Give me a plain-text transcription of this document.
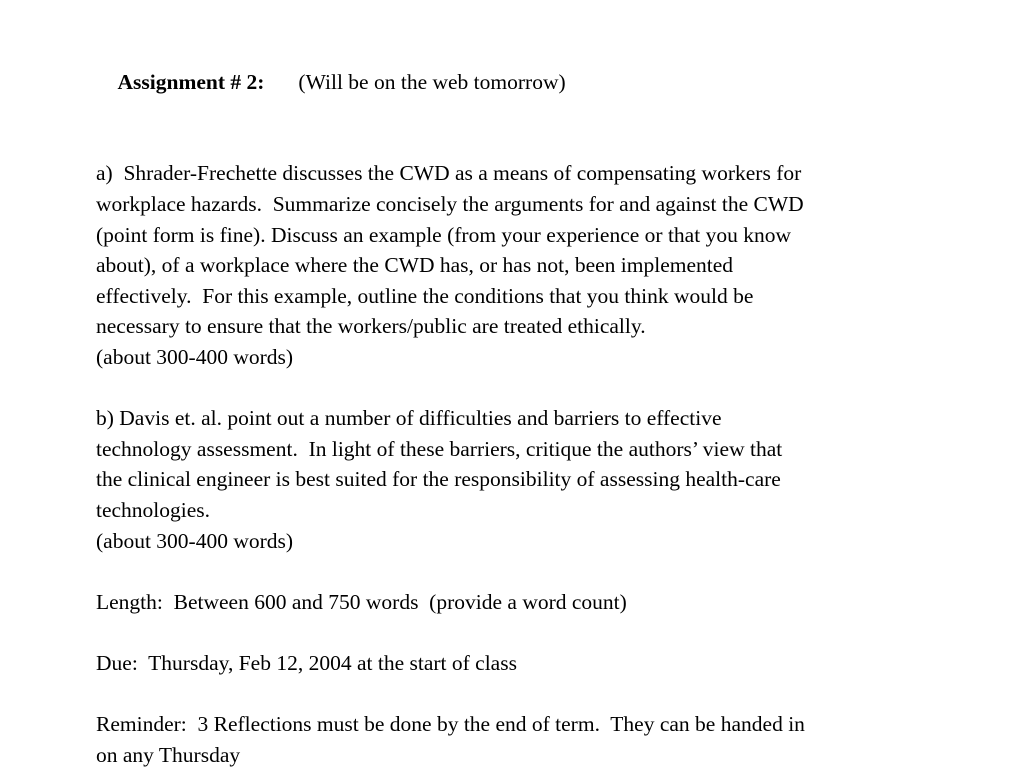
Assignment # 2: (Will be on the web tomorrow)

a)  Shrader-Frechette discusses the CWD as a means of compensating workers for
workplace hazards.  Summarize concisely the arguments for and against the CWD
(point form is fine). Discuss an example (from your experience or that you know
about), of a workplace where the CWD has, or has not, been implemented
effectively.  For this example, outline the conditions that you think would be
necessary to ensure that the workers/public are treated ethically.
(about 300-400 words)
b) Davis et. al. point out a number of difficulties and barriers to effective
technology assessment.  In light of these barriers, critique the authors’ view that
the clinical engineer is best suited for the responsibility of assessing health-care
technologies.
(about 300-400 words)
Length:  Between 600 and 750 words  (provide a word count)
Due:  Thursday, Feb 12, 2004 at the start of class
Reminder:  3 Reflections must be done by the end of term.  They can be handed in
on any Thursday
